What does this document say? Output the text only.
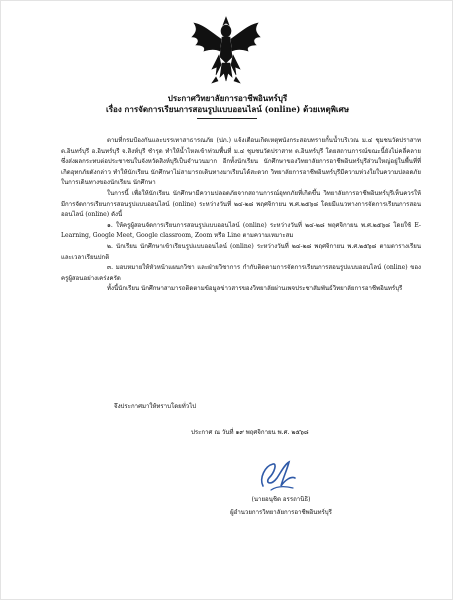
ประกาศวิทยาลัยการอาชีพอินทร์บุรี
เรื่อง การจัดการเรียนการสอนรูปแบบออนไลน์ (online) ด้วยเหตุพิเศษ

ตามที่กรมป้องกันและบรรเทาสาธารณภัย (ปภ.) แจ้งเตือนเกิดเหตุพนังกระสอบทรายกั้นน้ำบริเวณ ม.๔ ชุมชนวัดปราสาท ต.อินทร์บุรี อ.อินทร์บุรี จ.สิงห์บุรี ชำรุด ทำให้น้ำไหลเข้าท่วมพื้นที่ ม.๔ ชุมชนวัดปราสาท ต.อินทร์บุรี โดยสถานการณ์ขณะนี้ยังไม่คลี่คลาย ซึ่งส่งผลกระทบต่อประชาชนในจังหวัดสิงห์บุรีเป็นจำนวนมาก อีกทั้งนักเรียน นักศึกษาของวิทยาลัยการอาชีพอินทร์บุรีส่วนใหญ่อยู่ในพื้นที่ที่เกิดอุทกภัยดังกล่าว ทำให้นักเรียน นักศึกษาไม่สามารถเดินทางมาเรียนได้สะดวก วิทยาลัยการอาชีพอินทร์บุรีมีความห่วงใยในความปลอดภัยในการเดินทางของนักเรียน นักศึกษา

ในการนี้ เพื่อให้นักเรียน นักศึกษามีความปลอดภัยจากสถานการณ์อุทกภัยที่เกิดขึ้น วิทยาลัยการอาชีพอินทร์บุรีเห็นควรให้มีการจัดการเรียนการสอนรูปแบบออนไลน์ (online) ระหว่างวันที่ ๒๔-๒๘ พฤศจิกายน พ.ศ.๒๕๖๘ โดยมีแนวทางการจัดการเรียนการสอนออนไลน์ (online) ดังนี้

๑. ให้ครูผู้สอนจัดการเรียนการสอนรูปแบบออนไลน์ (online) ระหว่างวันที่ ๒๔-๒๘ พฤศจิกายน พ.ศ.๒๕๖๘ โดยใช้ E-Learning, Google Meet, Google classroom, Zoom หรือ Line ตามความเหมาะสม

๒. นักเรียน นักศึกษาเข้าเรียนรูปแบบออนไลน์ (online) ระหว่างวันที่ ๒๔-๒๘ พฤศจิกายน พ.ศ.๒๕๖๘ ตามตารางเรียน และเวลาเรียนปกติ

๓. มอบหมายให้หัวหน้าแผนกวิชา และฝ่ายวิชาการ กำกับติดตามการจัดการเรียนการสอนรูปแบบออนไลน์ (online) ของครูผู้สอนอย่างเคร่งครัด

ทั้งนี้นักเรียน นักศึกษาสามารถติดตามข้อมูลข่าวสารของวิทยาลัยผ่านเพจประชาสัมพันธ์วิทยาลัยการอาชีพอินทร์บุรี

จึงประกาศมาให้ทราบโดยทั่วไป
ประกาศ ณ วันที่ ๑๙ พฤศจิกายน พ.ศ. ๒๕๖๘
(นายอนุชิต อรรถานิธิ)
ผู้อำนวยการวิทยาลัยการอาชีพอินทร์บุรี
